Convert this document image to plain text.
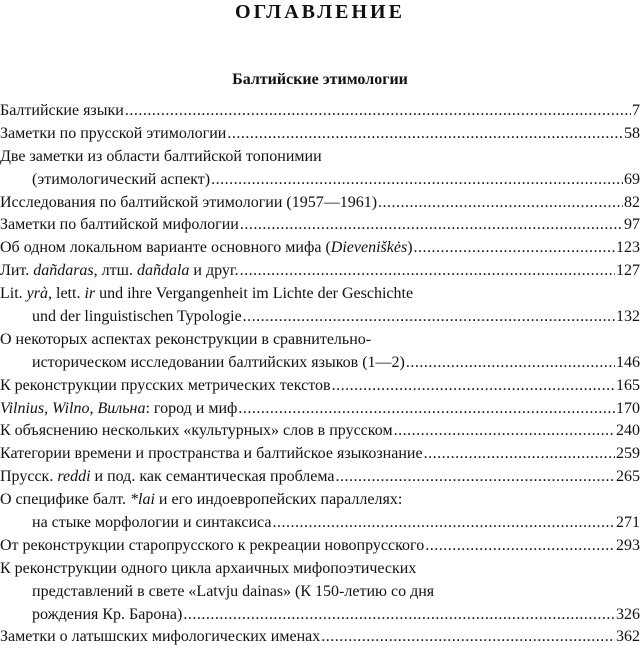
ОГЛАВЛЕНИЕ
Балтийские этимологии
Балтийские языки .....	7
Заметки по прусской этимологии .....	58
Две заметки из области балтийской топонимии
(этимологический аспект) .....	69
Исследования по балтийской этимологии (1957—1961) .....	82
Заметки по балтийской мифологии .....	97
Об одном локальном варианте основного мифа (Dieveniškės) .....	123
Лит. dañdaras, лтш. dañdala и друг. .....	127
Lit. yrà, lett. ir und ihre Vergangenheit im Lichte der Geschichte
und der linguistischen Typologie .....	132
О некоторых аспектах реконструкции в сравнительно-
историческом исследовании балтийских языков (1—2) .....	146
К реконструкции прусских метрических текстов .....	165
Vilnius, Wilno, Вильна: город и миф .....	170
К объяснению нескольких «культурных» слов в прусском .....	240
Категории времени и пространства и балтийское языкознание .....	259
Прусск. reddi и под. как семантическая проблема .....	265
О специфике балт. *lai и его индоевропейских параллелях:
на стыке морфологии и синтаксиса .....	271
От реконструкции старопрусского к рекреации новопрусского .....	293
К реконструкции одного цикла архаичных мифопоэтических
представлений в свете «Latvju dainas» (К 150-летию со дня
рождения Кр. Барона) .....	326
Заметки о латышских мифологических именах .....	362
